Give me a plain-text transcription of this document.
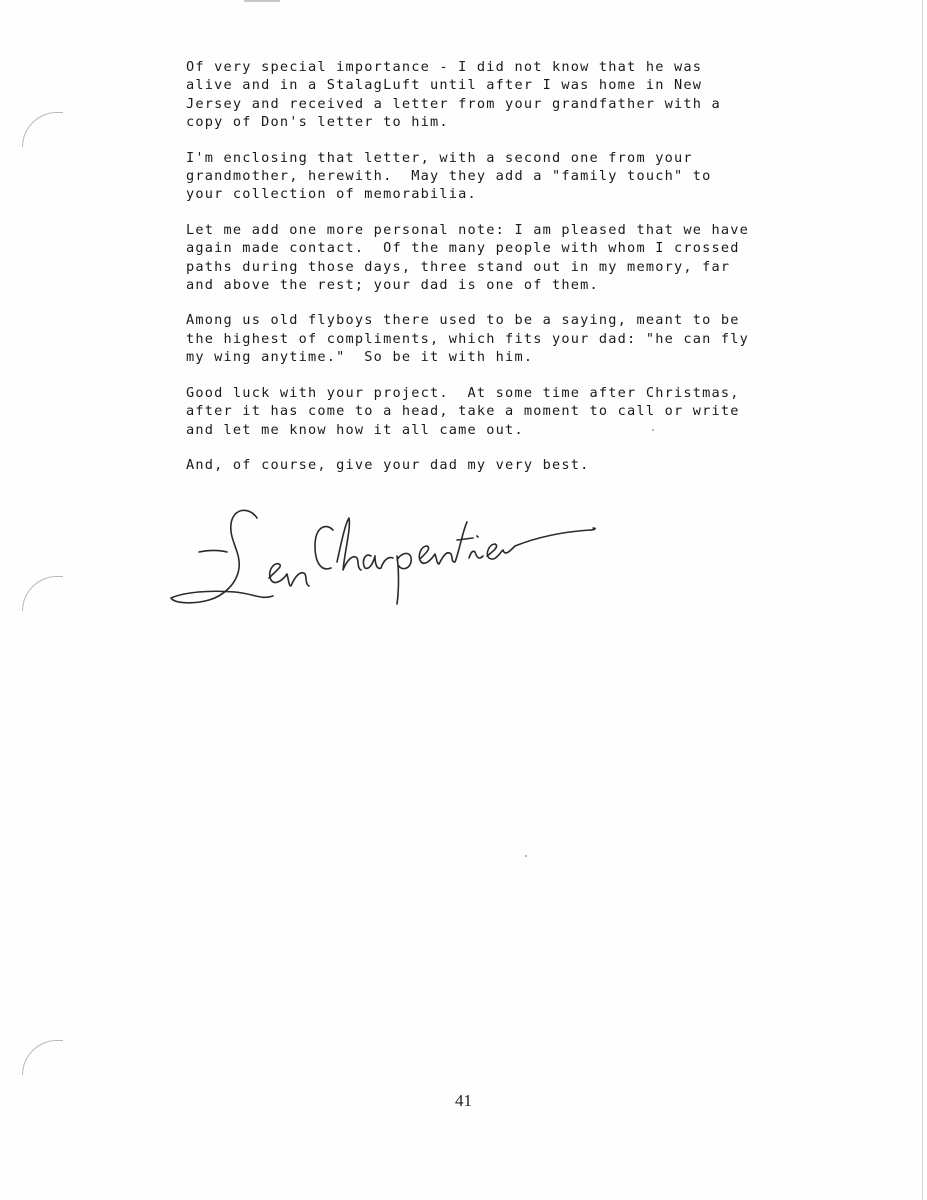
Of very special importance - I did not know that he was
alive and in a StalagLuft until after I was home in New
Jersey and received a letter from your grandfather with a
copy of Don's letter to him.

I'm enclosing that letter, with a second one from your
grandmother, herewith.  May they add a "family touch" to
your collection of memorabilia.

Let me add one more personal note: I am pleased that we have
again made contact.  Of the many people with whom I crossed
paths during those days, three stand out in my memory, far
and above the rest; your dad is one of them.

Among us old flyboys there used to be a saying, meant to be
the highest of compliments, which fits your dad: "he can fly
my wing anytime."  So be it with him.

Good luck with your project.  At some time after Christmas,
after it has come to a head, take a moment to call or write
and let me know how it all came out.

And, of course, give your dad my very best.

41
